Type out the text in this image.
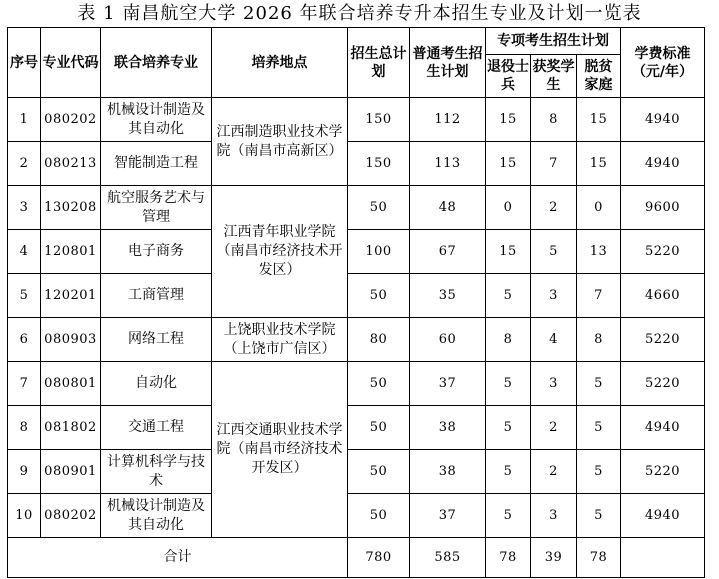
表 1 南昌航空大学 2026 年联合培养专升本招生专业及计划一览表
序号	专业代码	联合培养专业	培养地点	招生总计划	普通考生招生计划	专项考生招生计划			学费标准（元/年）
						退役士兵	获奖学生	脱贫家庭	
1	080202	机械设计制造及其自动化	江西制造职业技术学院（南昌市高新区）	150	112	15	8	15	4940
2	080213	智能制造工程		150	113	15	7	15	4940
3	130208	航空服务艺术与管理	江西青年职业学院（南昌市经济技术开发区）	50	48	0	2	0	9600
4	120801	电子商务		100	67	15	5	13	5220
5	120201	工商管理		50	35	5	3	7	4660
6	080903	网络工程	上饶职业技术学院（上饶市广信区）	80	60	8	4	8	5220
7	080801	自动化	江西交通职业技术学院（南昌市经济技术开发区）	50	37	5	3	5	5220
8	081802	交通工程		50	38	5	2	5	4940
9	080901	计算机科学与技术		50	38	5	2	5	5220
10	080202	机械设计制造及其自动化		50	37	5	3	5	4940
合计				780	585	78	39	78	
